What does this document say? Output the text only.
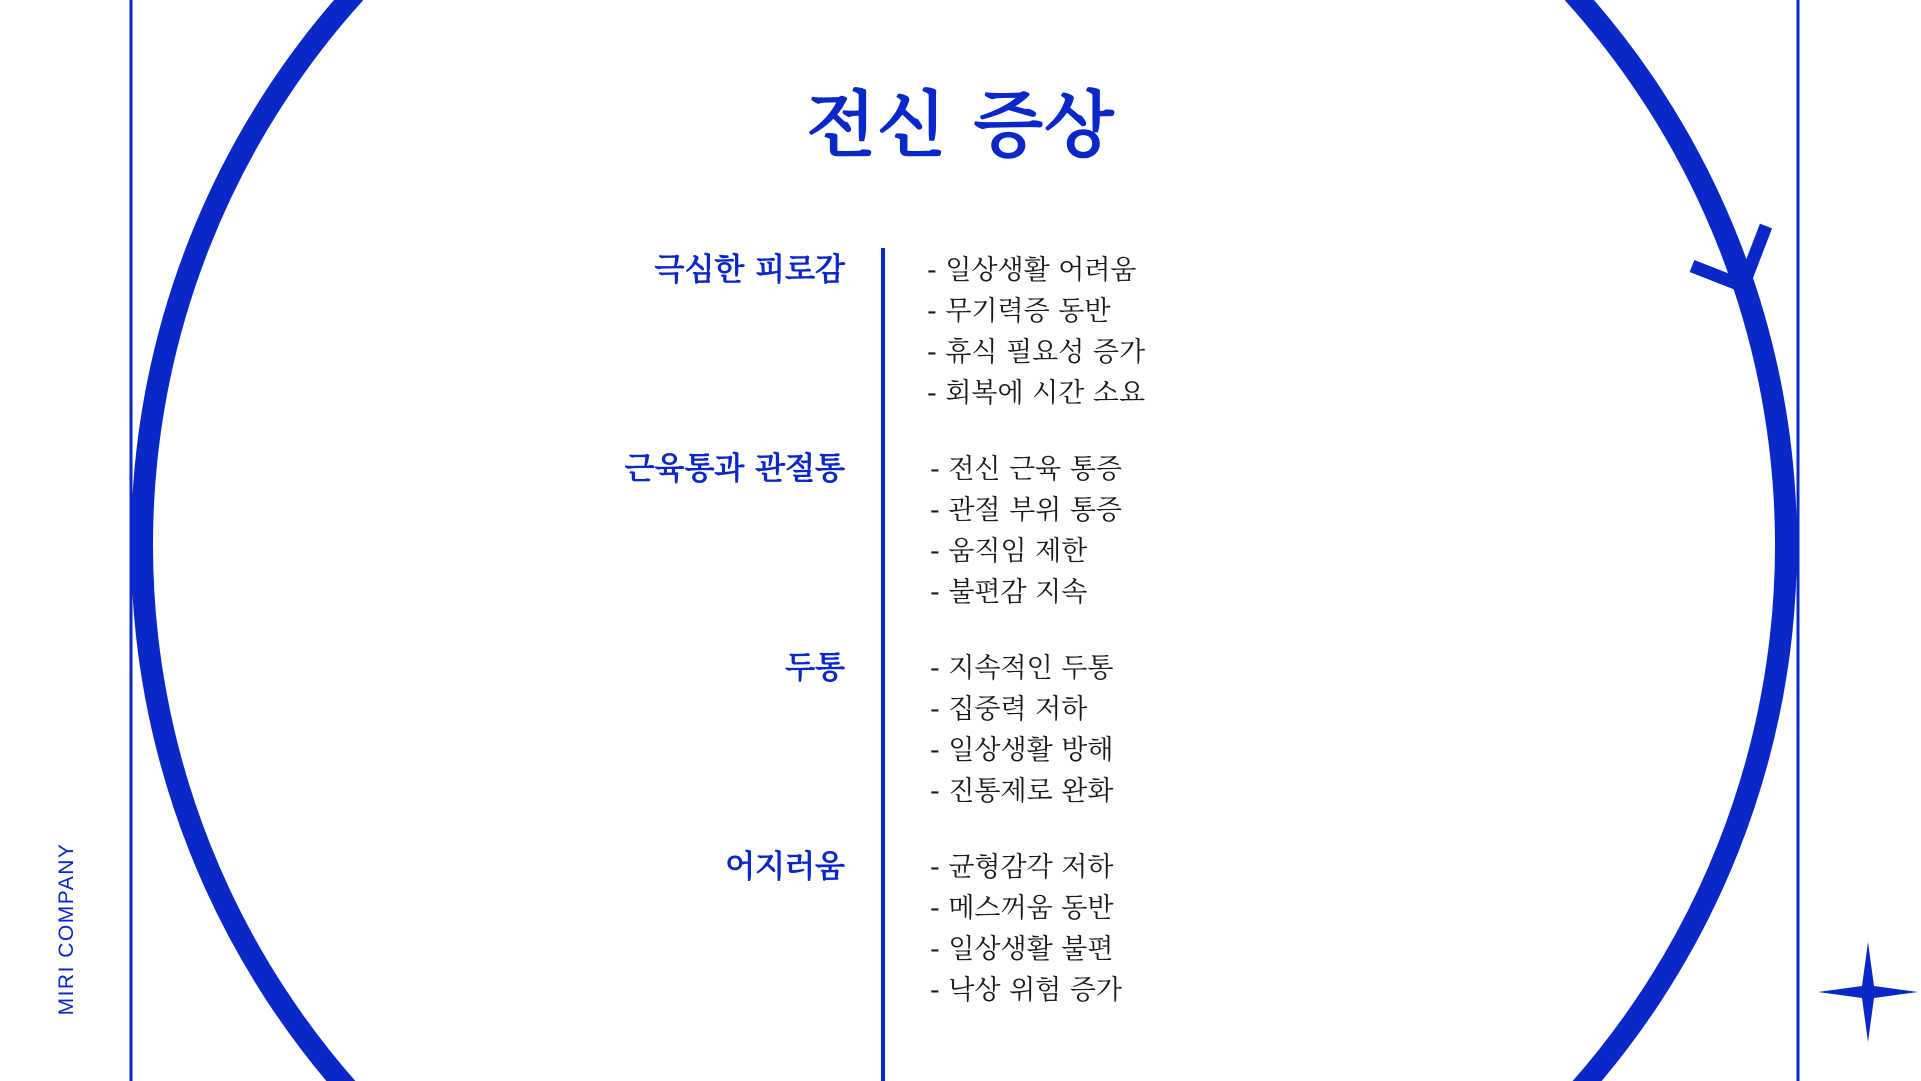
전신 증상
MIRI COMPANY
극심한 피로감	- 일상생활 어려움
- 무기력증 동반
- 휴식 필요성 증가
- 회복에 시간 소요
근육통과 관절통	- 전신 근육 통증
- 관절 부위 통증
- 움직임 제한
- 불편감 지속
두통	- 지속적인 두통
- 집중력 저하
- 일상생활 방해
- 진통제로 완화
어지러움	- 균형감각 저하
- 메스꺼움 동반
- 일상생활 불편
- 낙상 위험 증가
